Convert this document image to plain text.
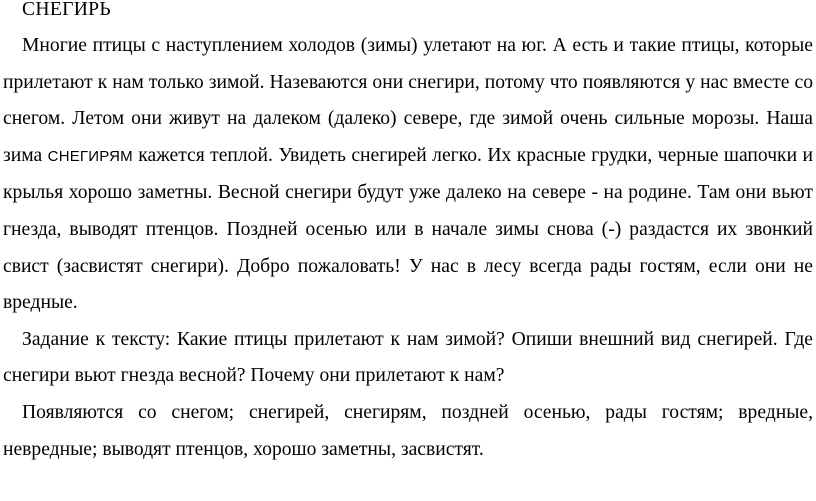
СНЕГИРЬ

Многие птицы с наступлением холодов (зимы) улетают на юг. А есть и такие птицы, которые прилетают к нам только зимой. Назеваются они снегири, потому что появляются у нас вместе со снегом. Летом они живут на далеком (далеко) севере, где зимой очень сильные морозы. Наша зима СНЕГИРЯМ кажется теплой. Увидеть снегирей легко. Их красные грудки, черные шапочки и крылья хорошо заметны. Весной снегири будут уже далеко на севере - на родине. Там они вьют гнезда, выводят птенцов. Поздней осенью или в начале зимы снова (-) раздастся их звонкий свист (засвистят снегири). Добро пожаловать! У нас в лесу всегда рады гостям, если они не вредные.

Задание к тексту: Какие птицы прилетают к нам зимой? Опиши внешний вид снегирей. Где снегири вьют гнезда весной? Почему они прилетают к нам?

Появляются со снегом; снегирей, снегирям, поздней осенью, рады гостям; вредные, невредные; выводят птенцов, хорошо заметны, засвистят.
